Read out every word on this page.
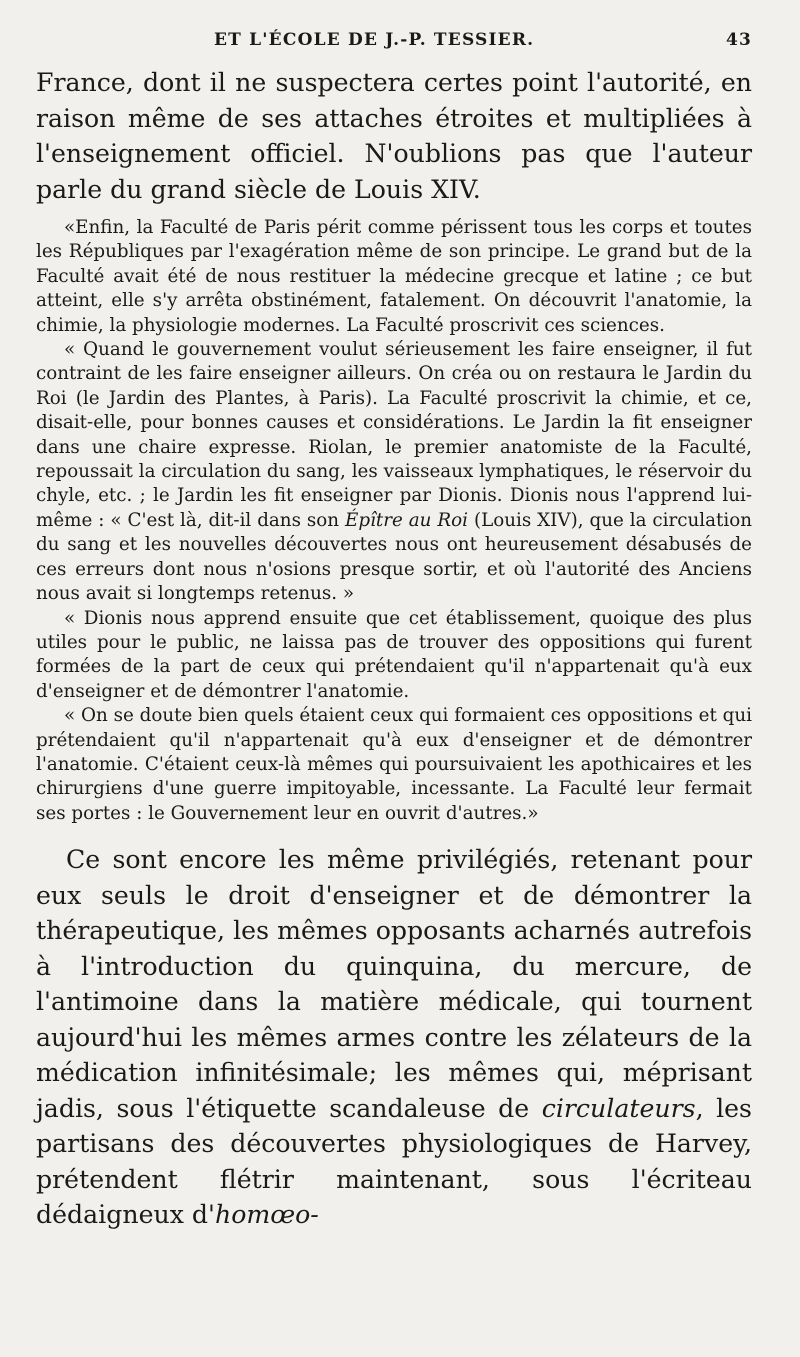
ET L'ÉCOLE DE J.-P. TESSIER.	43

France, dont il ne suspectera certes point l'autorité, en raison même de ses attaches étroites et multipliées à l'enseignement officiel. N'oublions pas que l'auteur parle du grand siècle de Louis XIV.

«Enfin, la Faculté de Paris périt comme périssent tous les corps et toutes les Républiques par l'exagération même de son principe. Le grand but de la Faculté avait été de nous restituer la médecine grecque et latine ; ce but atteint, elle s'y arrêta obstinément, fatalement. On découvrit l'anatomie, la chimie, la physiologie modernes. La Faculté proscrivit ces sciences.

« Quand le gouvernement voulut sérieusement les faire enseigner, il fut contraint de les faire enseigner ailleurs. On créa ou on restaura le Jardin du Roi (le Jardin des Plantes, à Paris). La Faculté proscrivit la chimie, et ce, disait-elle, pour bonnes causes et considérations. Le Jardin la fit enseigner dans une chaire expresse. Riolan, le premier anatomiste de la Faculté, repoussait la circulation du sang, les vaisseaux lymphatiques, le réservoir du chyle, etc. ; le Jardin les fit enseigner par Dionis. Dionis nous l'apprend lui-même : « C'est là, dit-il dans son Épître au Roi (Louis XIV), que la circulation du sang et les nouvelles découvertes nous ont heureusement désabusés de ces erreurs dont nous n'osions presque sortir, et où l'autorité des Anciens nous avait si longtemps retenus. »

« Dionis nous apprend ensuite que cet établissement, quoique des plus utiles pour le public, ne laissa pas de trouver des oppositions qui furent formées de la part de ceux qui prétendaient qu'il n'appartenait qu'à eux d'enseigner et de démontrer l'anatomie.

« On se doute bien quels étaient ceux qui formaient ces oppositions et qui prétendaient qu'il n'appartenait qu'à eux d'enseigner et de démontrer l'anatomie. C'étaient ceux-là mêmes qui poursuivaient les apothicaires et les chirurgiens d'une guerre impitoyable, incessante. La Faculté leur fermait ses portes : le Gouvernement leur en ouvrit d'autres.»

Ce sont encore les même privilégiés, retenant pour eux seuls le droit d'enseigner et de démontrer la thérapeutique, les mêmes opposants acharnés autrefois à l'introduction du quinquina, du mercure, de l'antimoine dans la matière médicale, qui tournent aujourd'hui les mêmes armes contre les zélateurs de la médication infinitésimale; les mêmes qui, méprisant jadis, sous l'étiquette scandaleuse de circulateurs, les partisans des découvertes physiologiques de Harvey, prétendent flétrir maintenant, sous l'écriteau dédaigneux d'homœo-
